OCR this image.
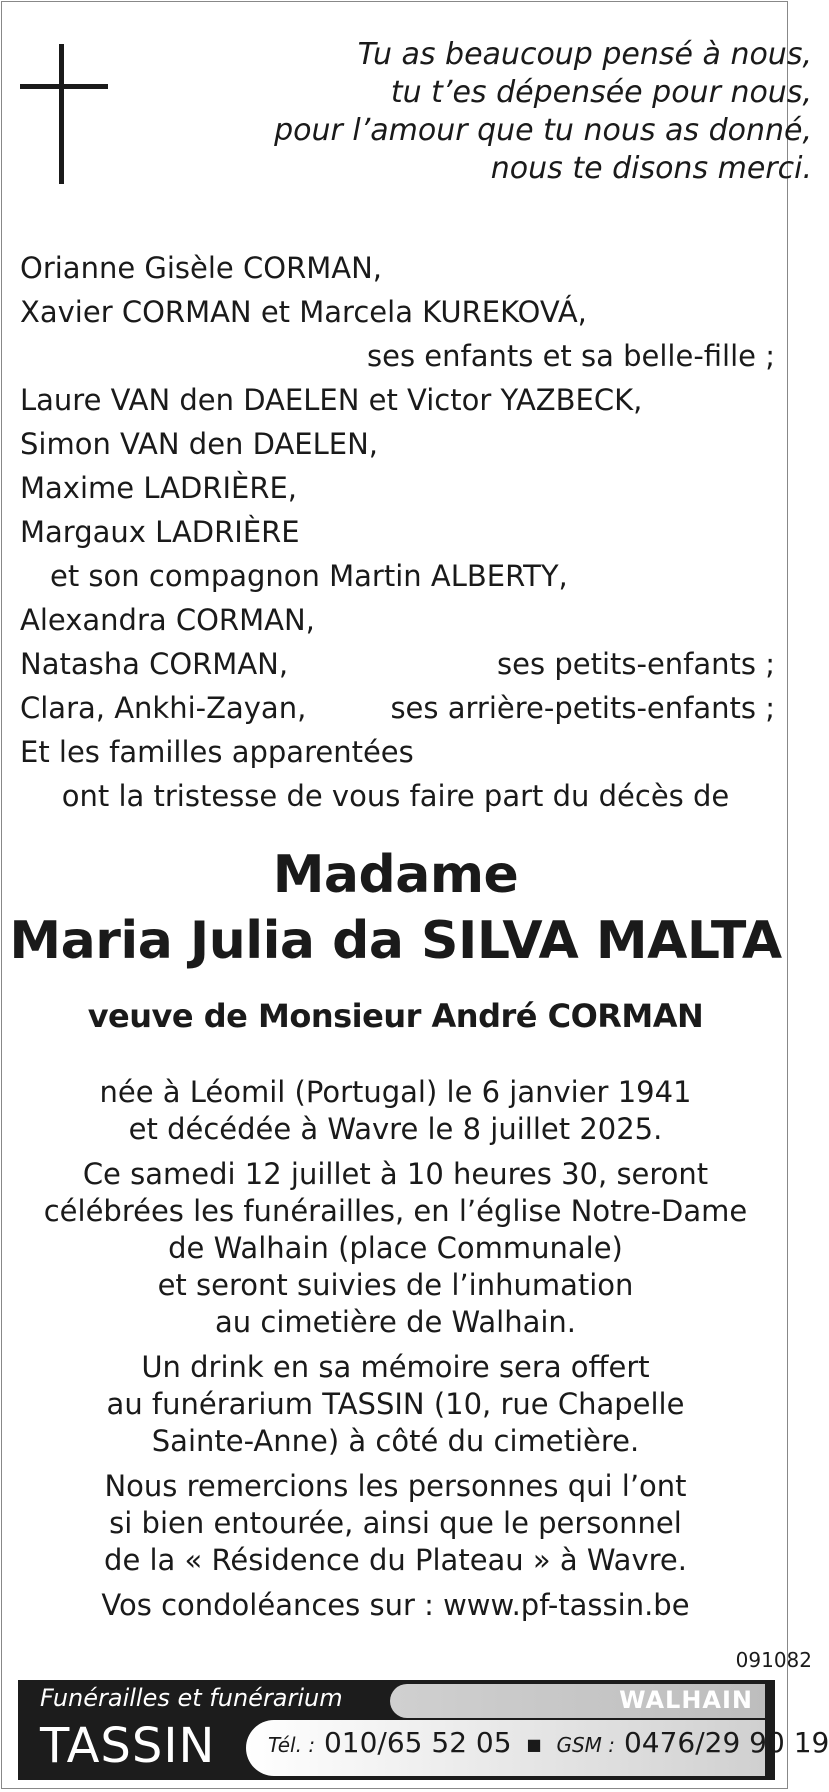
Tu as beaucoup pensé à nous,
tu t’es dépensée pour nous,
pour l’amour que tu nous as donné,
nous te disons merci.
Orianne Gisèle CORMAN,
Xavier CORMAN et Marcela KUREKOVÁ,
ses enfants et sa belle-fille ;
Laure VAN den DAELEN et Victor YAZBECK,
Simon VAN den DAELEN,
Maxime LADRIÈRE,
Margaux LADRIÈRE
et son compagnon Martin ALBERTY,
Alexandra CORMAN,
Natasha CORMAN,	ses petits-enfants ;
Clara, Ankhi-Zayan,	ses arrière-petits-enfants ;
Et les familles apparentées
ont la tristesse de vous faire part du décès de
Madame
Maria Julia da SILVA MALTA
veuve de Monsieur André CORMAN
née à Léomil (Portugal) le 6 janvier 1941
et décédée à Wavre le 8 juillet 2025.
Ce samedi 12 juillet à 10 heures 30, seront
célébrées les funérailles, en l’église Notre-Dame
de Walhain (place Communale)
et seront suivies de l’inhumation
au cimetière de Walhain.
Un drink en sa mémoire sera offert
au funérarium TASSIN (10, rue Chapelle
Sainte-Anne) à côté du cimetière.
Nous remercions les personnes qui l’ont
si bien entourée, ainsi que le personnel
de la « Résidence du Plateau » à Wavre.
Vos condoléances sur : www.pf-tassin.be
091082
Funérailles et funérarium	WALHAIN
TASSIN	Tél. : 010/65 52 05 ■ GSM : 0476/29 90 19
